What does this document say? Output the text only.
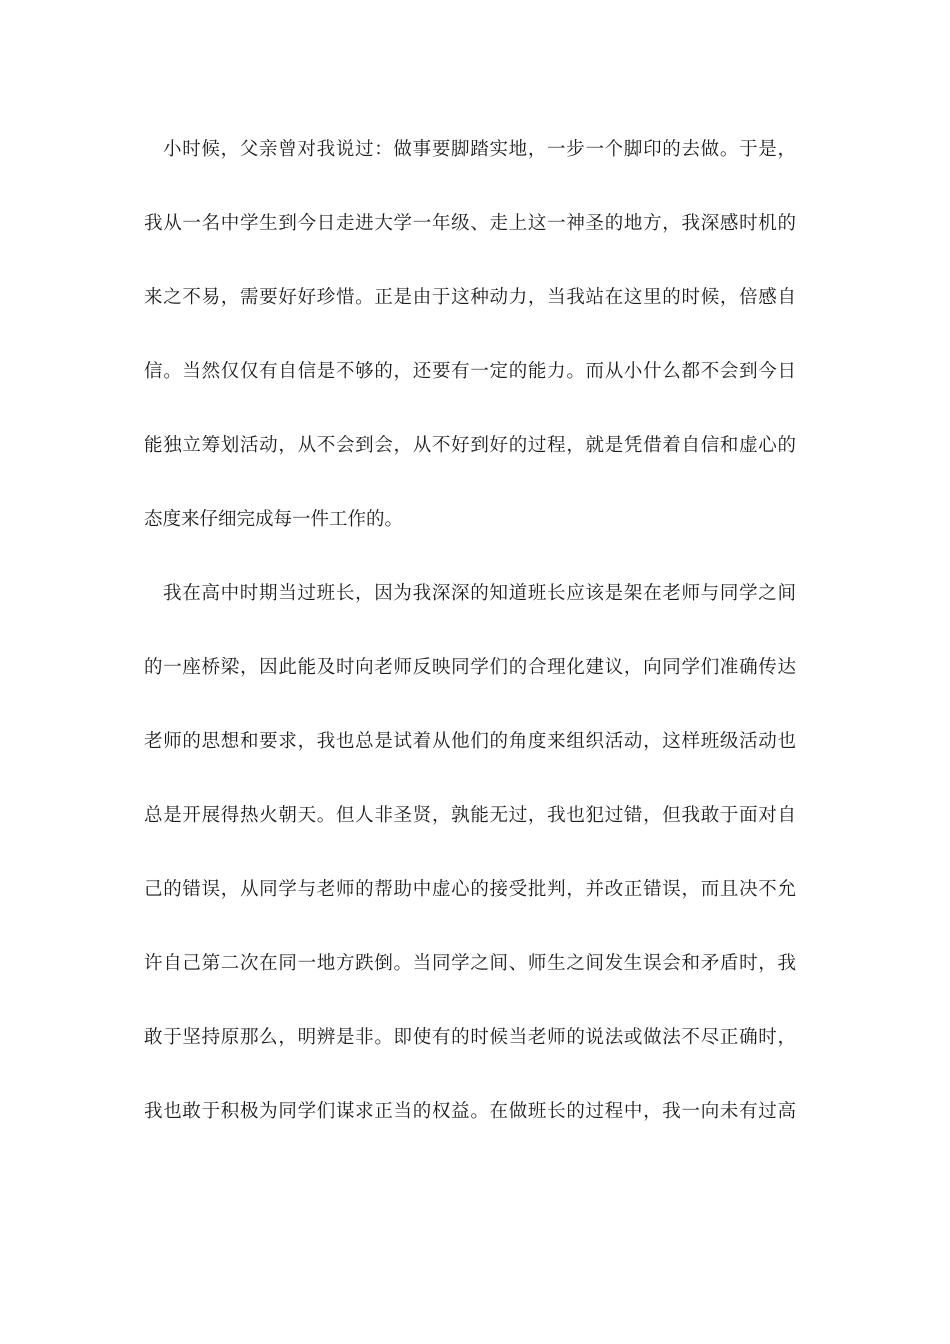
小时候，父亲曾对我说过：做事要脚踏实地，一步一个脚印的去做。于是，
我从一名中学生到今日走进大学一年级、走上这一神圣的地方，我深感时机的
来之不易，需要好好珍惜。正是由于这种动力，当我站在这里的时候，倍感自
信。当然仅仅有自信是不够的，还要有一定的能力。而从小什么都不会到今日
能独立筹划活动，从不会到会，从不好到好的过程，就是凭借着自信和虚心的
态度来仔细完成每一件工作的。
我在高中时期当过班长，因为我深深的知道班长应该是架在老师与同学之间
的一座桥梁，因此能及时向老师反映同学们的合理化建议，向同学们准确传达
老师的思想和要求，我也总是试着从他们的角度来组织活动，这样班级活动也
总是开展得热火朝天。但人非圣贤，孰能无过，我也犯过错，但我敢于面对自
己的错误，从同学与老师的帮助中虚心的接受批判，并改正错误，而且决不允
许自己第二次在同一地方跌倒。当同学之间、师生之间发生误会和矛盾时，我
敢于坚持原那么，明辨是非。即使有的时候当老师的说法或做法不尽正确时，
我也敢于积极为同学们谋求正当的权益。在做班长的过程中，我一向未有过高
